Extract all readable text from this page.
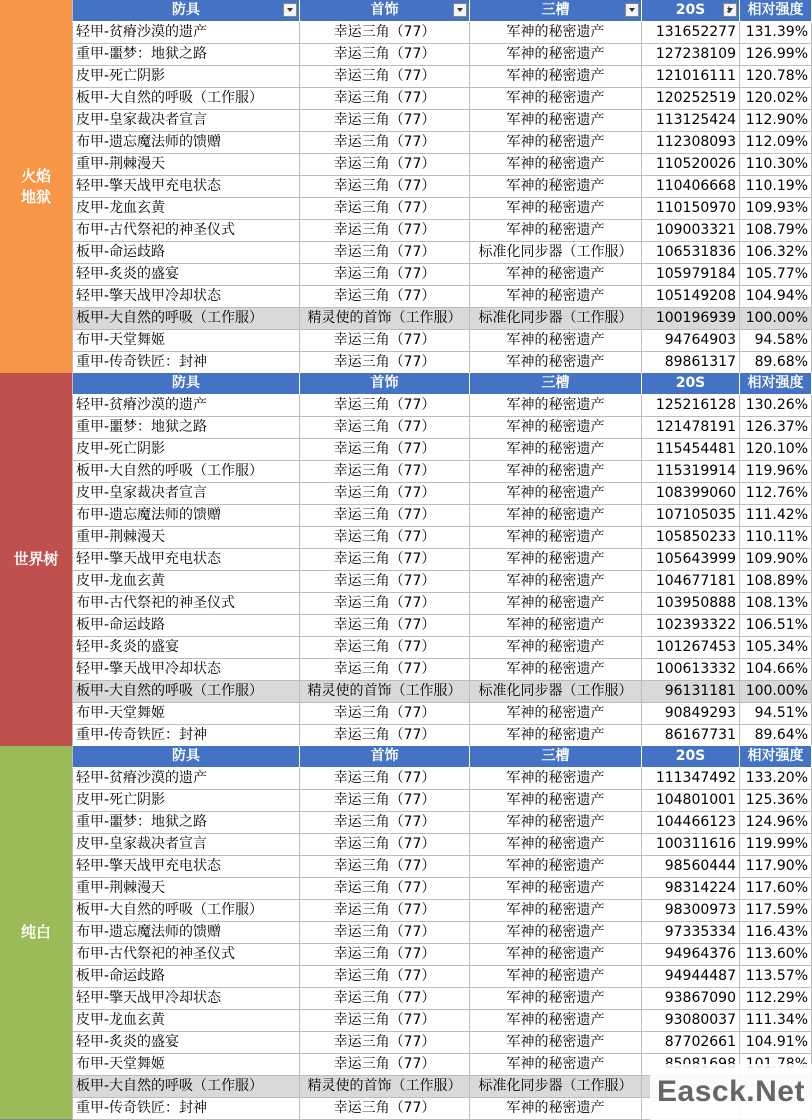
火焰
地狱
防具	首饰	三槽	20S
↓	相对强度
轻甲-贫瘠沙漠的遗产	幸运三角（77）	军神的秘密遗产	131652277 131.39%
重甲-噩梦：地狱之路	幸运三角（77）	军神的秘密遗产	127238109 126.99%
皮甲-死亡阴影	幸运三角（77）	军神的秘密遗产	121016111 120.78%
板甲-大自然的呼吸（工作服）	幸运三角（77）	军神的秘密遗产	120252519 120.02%
皮甲-皇家裁决者宣言	幸运三角（77）	军神的秘密遗产	113125424 112.90%
布甲-遗忘魔法师的馈赠	幸运三角（77）	军神的秘密遗产	112308093 112.09%
重甲-荆棘漫天	幸运三角（77）	军神的秘密遗产	110520026 110.30%
轻甲-擎天战甲充电状态	幸运三角（77）	军神的秘密遗产	110406668 110.19%
皮甲-龙血玄黄	幸运三角（77）	军神的秘密遗产	110150970 109.93%
布甲-古代祭祀的神圣仪式	幸运三角（77）	军神的秘密遗产	109003321 108.79%
板甲-命运歧路	幸运三角（77）	标准化同步器（工作服）	106531836 106.32%
轻甲-炙炎的盛宴	幸运三角（77）	军神的秘密遗产	105979184 105.77%
轻甲-擎天战甲冷却状态	幸运三角（77）	军神的秘密遗产	105149208 104.94%
板甲-大自然的呼吸（工作服）	精灵使的首饰（工作服）	标准化同步器（工作服）	100196939 100.00%
布甲-天堂舞姬	幸运三角（77）	军神的秘密遗产	94764903	94.58%
重甲-传奇铁匠：封神	幸运三角（77）	军神的秘密遗产	89861317	89.68%
世界树
防具	首饰	三槽	20S	相对强度
轻甲-贫瘠沙漠的遗产	幸运三角（77）	军神的秘密遗产	125216128 130.26%
重甲-噩梦：地狱之路	幸运三角（77）	军神的秘密遗产	121478191 126.37%
皮甲-死亡阴影	幸运三角（77）	军神的秘密遗产	115454481 120.10%
板甲-大自然的呼吸（工作服）	幸运三角（77）	军神的秘密遗产	115319914 119.96%
皮甲-皇家裁决者宣言	幸运三角（77）	军神的秘密遗产	108399060 112.76%
布甲-遗忘魔法师的馈赠	幸运三角（77）	军神的秘密遗产	107105035 111.42%
重甲-荆棘漫天	幸运三角（77）	军神的秘密遗产	105850233 110.11%
轻甲-擎天战甲充电状态	幸运三角（77）	军神的秘密遗产	105643999 109.90%
皮甲-龙血玄黄	幸运三角（77）	军神的秘密遗产	104677181 108.89%
布甲-古代祭祀的神圣仪式	幸运三角（77）	军神的秘密遗产	103950888 108.13%
板甲-命运歧路	幸运三角（77）	军神的秘密遗产	102393322 106.51%
轻甲-炙炎的盛宴	幸运三角（77）	军神的秘密遗产	101267453 105.34%
轻甲-擎天战甲冷却状态	幸运三角（77）	军神的秘密遗产	100613332 104.66%
板甲-大自然的呼吸（工作服）	精灵使的首饰（工作服）	标准化同步器（工作服）	96131181 100.00%
布甲-天堂舞姬	幸运三角（77）	军神的秘密遗产	90849293	94.51%
重甲-传奇铁匠：封神	幸运三角（77）	军神的秘密遗产	86167731	89.64%
纯白
防具	首饰	三槽	20S	相对强度
轻甲-贫瘠沙漠的遗产	幸运三角（77）	军神的秘密遗产	111347492 133.20%
皮甲-死亡阴影	幸运三角（77）	军神的秘密遗产	104801001 125.36%
重甲-噩梦：地狱之路	幸运三角（77）	军神的秘密遗产	104466123 124.96%
皮甲-皇家裁决者宣言	幸运三角（77）	军神的秘密遗产	100311616 119.99%
轻甲-擎天战甲充电状态	幸运三角（77）	军神的秘密遗产	98560444 117.90%
重甲-荆棘漫天	幸运三角（77）	军神的秘密遗产	98314224 117.60%
板甲-大自然的呼吸（工作服）	幸运三角（77）	军神的秘密遗产	98300973 117.59%
布甲-遗忘魔法师的馈赠	幸运三角（77）	军神的秘密遗产	97335334 116.43%
布甲-古代祭祀的神圣仪式	幸运三角（77）	军神的秘密遗产	94964376 113.60%
板甲-命运歧路	幸运三角（77）	军神的秘密遗产	94944487 113.57%
轻甲-擎天战甲冷却状态	幸运三角（77）	军神的秘密遗产	93867090 112.29%
皮甲-龙血玄黄	幸运三角（77）	军神的秘密遗产	93080037 111.34%
轻甲-炙炎的盛宴	幸运三角（77）	军神的秘密遗产	87702661 104.91%
布甲-天堂舞姬	幸运三角（77）	军神的秘密遗产
板甲-大自然的呼吸（工作服）	精灵使的首饰（工作服）	标准化同步器（工作服）
重甲-传奇铁匠：封神	幸运三角（77）	军神的秘密遗产	Easck.Net
